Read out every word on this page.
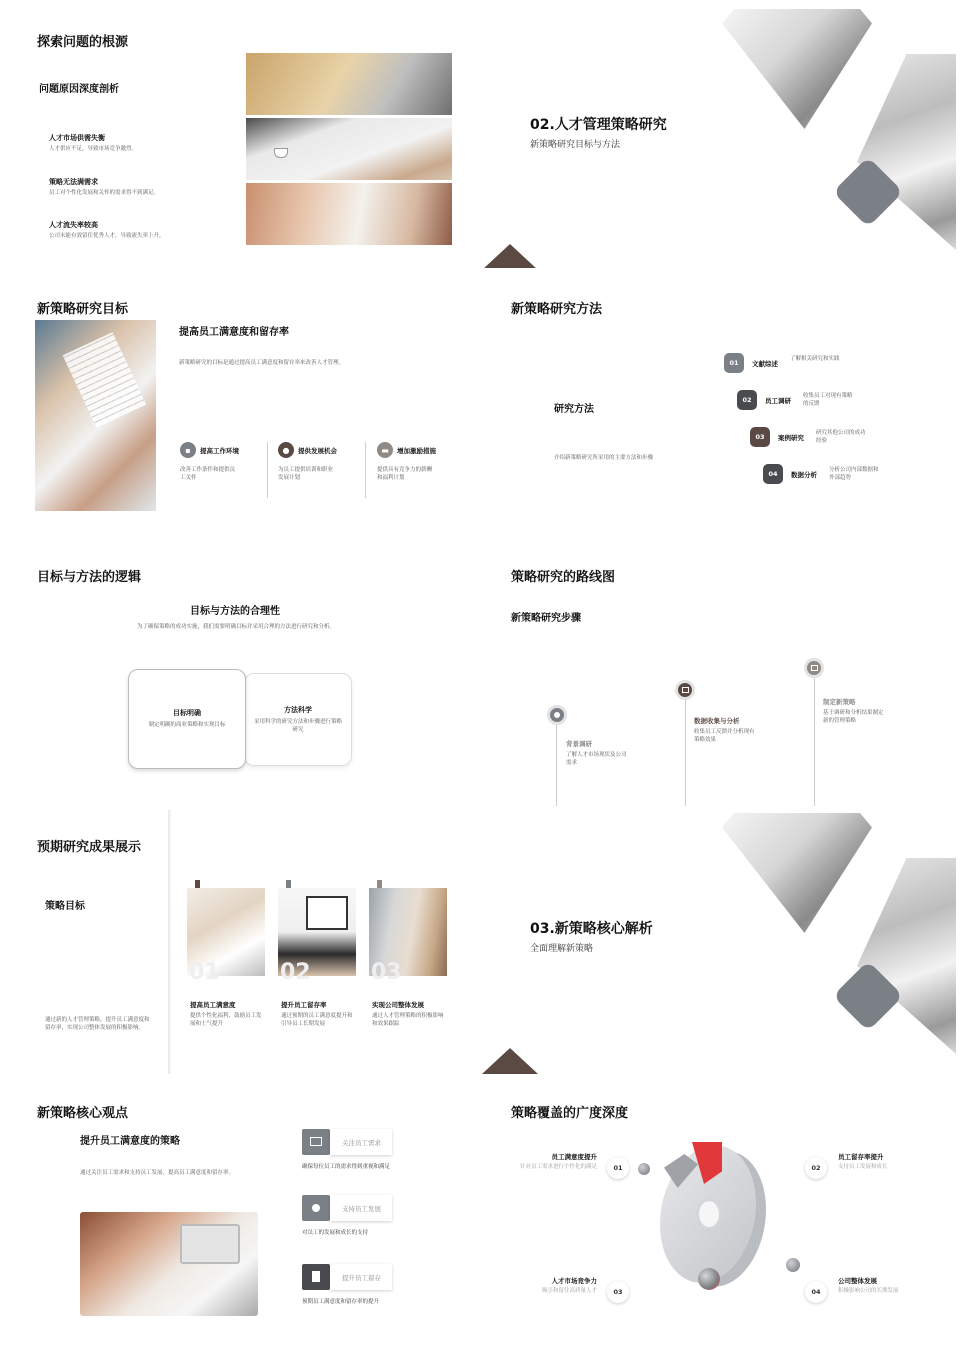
探索问题的根源
问题原因深度剖析
人才市场供需失衡
人才供应不足，导致市场竞争激烈。
策略无法满需求
员工对个性化发展和关怀的需求得不到满足。
人才流失率较高
公司未能有效留住优秀人才，导致流失率上升。
02.人才管理策略研究
新策略研究目标与方法
新策略研究目标
提高员工满意度和留存率
新策略研究的目标是通过提高员工满意度和留存率来改善人才管理。
▪	提高工作环境
改善工作条件和提供员工关怀
●	提供发展机会
为员工提供培训和职业发展计划
▬	增加激励措施
提供具有竞争力的薪酬和福利计划
新策略研究方法
研究方法
介绍新策略研究所采用的主要方法和步骤
01	文献综述
了解相关研究和实践
02	员工调研
收集员工对现有策略的反馈
03	案例研究
研究其他公司的成功经验
04	数据分析
分析公司内部数据和外部趋势
目标与方法的逻辑
目标与方法的合理性
为了确保策略的成功实施，我们需要明确目标并采用合理的方法进行研究和分析。
目标明确
制定明确的商业策略和实现目标
方法科学
采用科学的研究方法和步骤进行策略研究
策略研究的路线图
新策略研究步骤
背景调研
了解人才市场现状及公司需求
数据收集与分析
收集员工反馈并分析现有策略效果
制定新策略
基于调研和分析结果制定新的管理策略
预期研究成果展示
策略目标
通过新的人才管理策略，提升员工满意度和留存率，实现公司整体发展的积极影响。
01
提高员工满意度
提供个性化福利、鼓励员工发展和士气提升
02
提升员工留存率
通过预期的员工满意度提升和引导员工长期发展
03
实现公司整体发展
通过人才管理策略的积极影响和效果跟踪
03.新策略核心解析
全面理解新策略
新策略核心观点
提升员工满意度的策略
通过关注员工需求和支持员工发展，提高员工满意度和留存率。
关注员工需求
确保每位员工的需求得到重视和满足
支持员工发展
对员工的发展和成长的支持
提升员工留存
预期员工满意度和留存率的提升
策略覆盖的广度深度
员工满意度提升
针对员工需求进行个性化的满足	01	02
员工留存率提升
支持员工发展和成长
人才市场竞争力
吸引和留住高质量人才	03	04
公司整体发展
积极影响公司的长期发展
